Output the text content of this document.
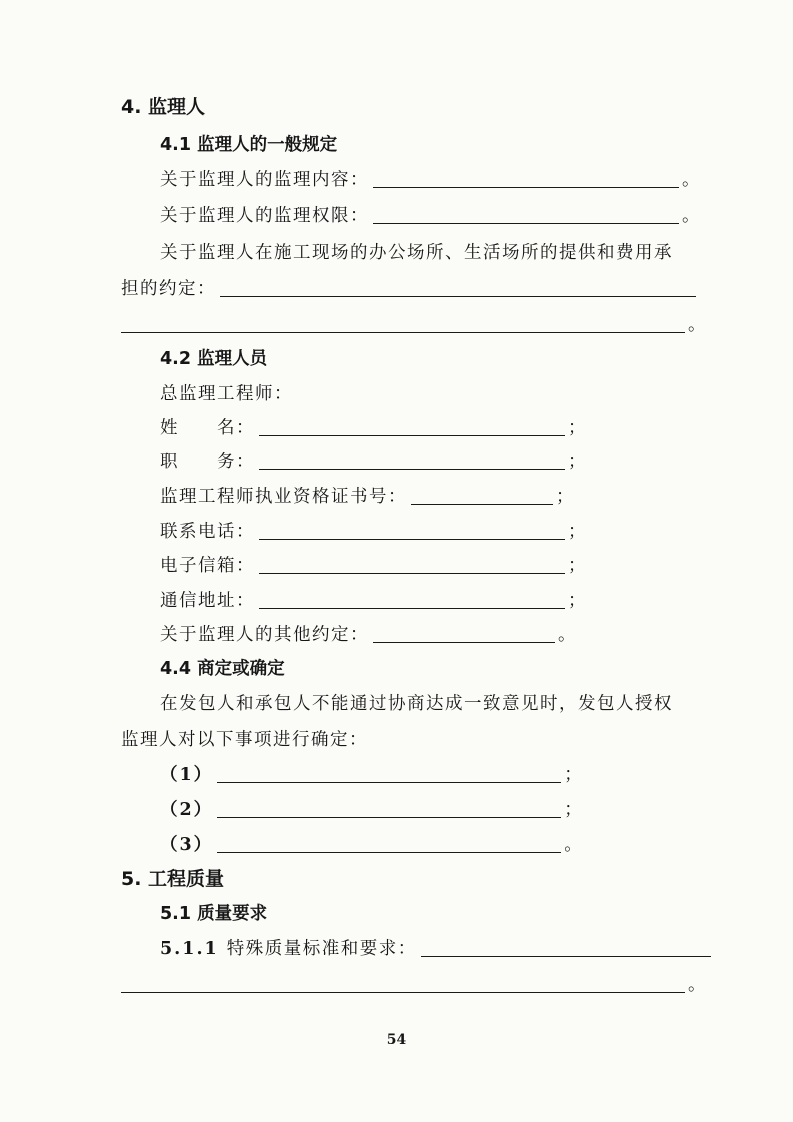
4. 监理人
4.1 监理人的一般规定
关于监理人的监理内容：	。
关于监理人的监理权限：	。
关于监理人在施工现场的办公场所、生活场所的提供和费用承
担的约定：
。
4.2 监理人员
总监理工程师：
姓　　名：	；
职　　务：	；
监理工程师执业资格证书号：	；
联系电话：	；
电子信箱：	；
通信地址：	；
关于监理人的其他约定：	。
4.4 商定或确定
在发包人和承包人不能通过协商达成一致意见时，发包人授权
监理人对以下事项进行确定：
（1）	；
（2）	；
（3）	。
5. 工程质量
5.1 质量要求
5.1.1 特殊质量标准和要求：
。
54
